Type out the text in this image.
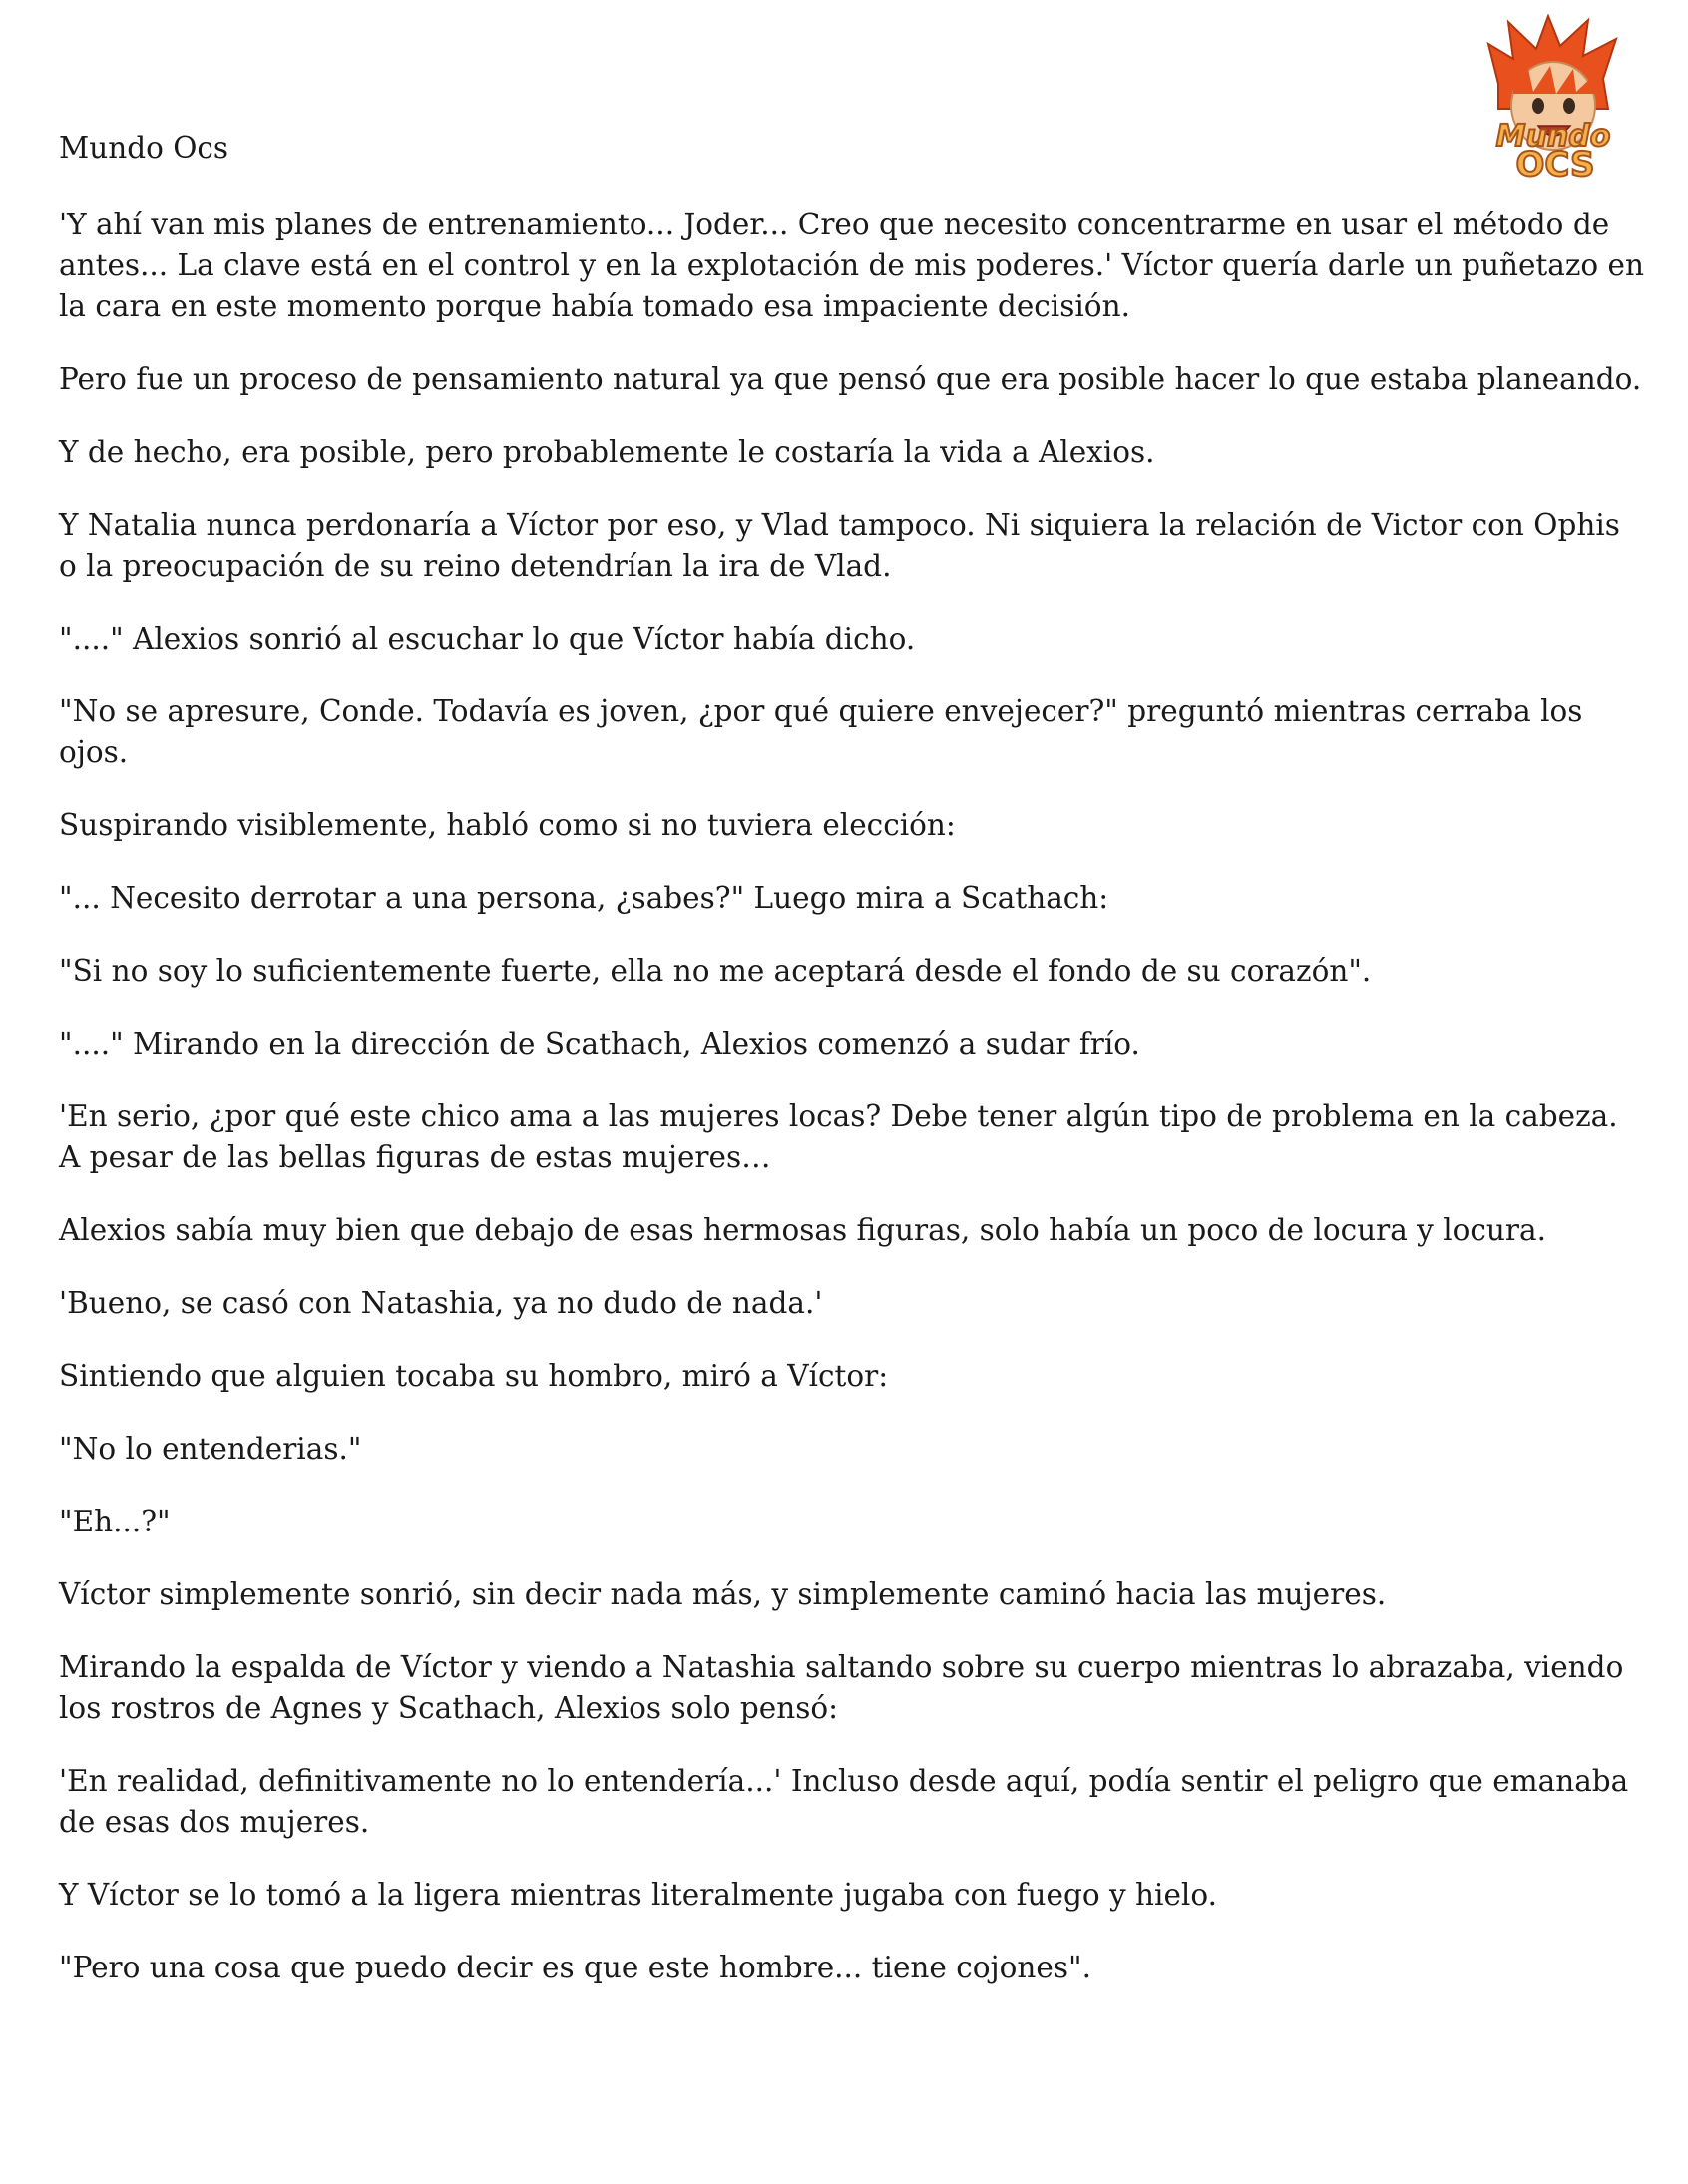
Mundo
OCS

Mundo Ocs

'Y ahí van mis planes de entrenamiento... Joder... Creo que necesito concentrarme en usar el método de antes... La clave está en el control y en la explotación de mis poderes.' Víctor quería darle un puñetazo en la cara en este momento porque había tomado esa impaciente decisión.

Pero fue un proceso de pensamiento natural ya que pensó que era posible hacer lo que estaba planeando.

Y de hecho, era posible, pero probablemente le costaría la vida a Alexios.

Y Natalia nunca perdonaría a Víctor por eso, y Vlad tampoco. Ni siquiera la relación de Victor con Ophis o la preocupación de su reino detendrían la ira de Vlad.

"...." Alexios sonrió al escuchar lo que Víctor había dicho.

"No se apresure, Conde. Todavía es joven, ¿por qué quiere envejecer?" preguntó mientras cerraba los ojos.

Suspirando visiblemente, habló como si no tuviera elección:

"... Necesito derrotar a una persona, ¿sabes?" Luego mira a Scathach:

"Si no soy lo suficientemente fuerte, ella no me aceptará desde el fondo de su corazón".

"...." Mirando en la dirección de Scathach, Alexios comenzó a sudar frío.

'En serio, ¿por qué este chico ama a las mujeres locas? Debe tener algún tipo de problema en la cabeza. A pesar de las bellas figuras de estas mujeres…

Alexios sabía muy bien que debajo de esas hermosas figuras, solo había un poco de locura y locura.

'Bueno, se casó con Natashia, ya no dudo de nada.'

Sintiendo que alguien tocaba su hombro, miró a Víctor:

"No lo entenderias."

"Eh...?"

Víctor simplemente sonrió, sin decir nada más, y simplemente caminó hacia las mujeres.

Mirando la espalda de Víctor y viendo a Natashia saltando sobre su cuerpo mientras lo abrazaba, viendo los rostros de Agnes y Scathach, Alexios solo pensó:

'En realidad, definitivamente no lo entendería...' Incluso desde aquí, podía sentir el peligro que emanaba de esas dos mujeres.

Y Víctor se lo tomó a la ligera mientras literalmente jugaba con fuego y hielo.

"Pero una cosa que puedo decir es que este hombre... tiene cojones".
